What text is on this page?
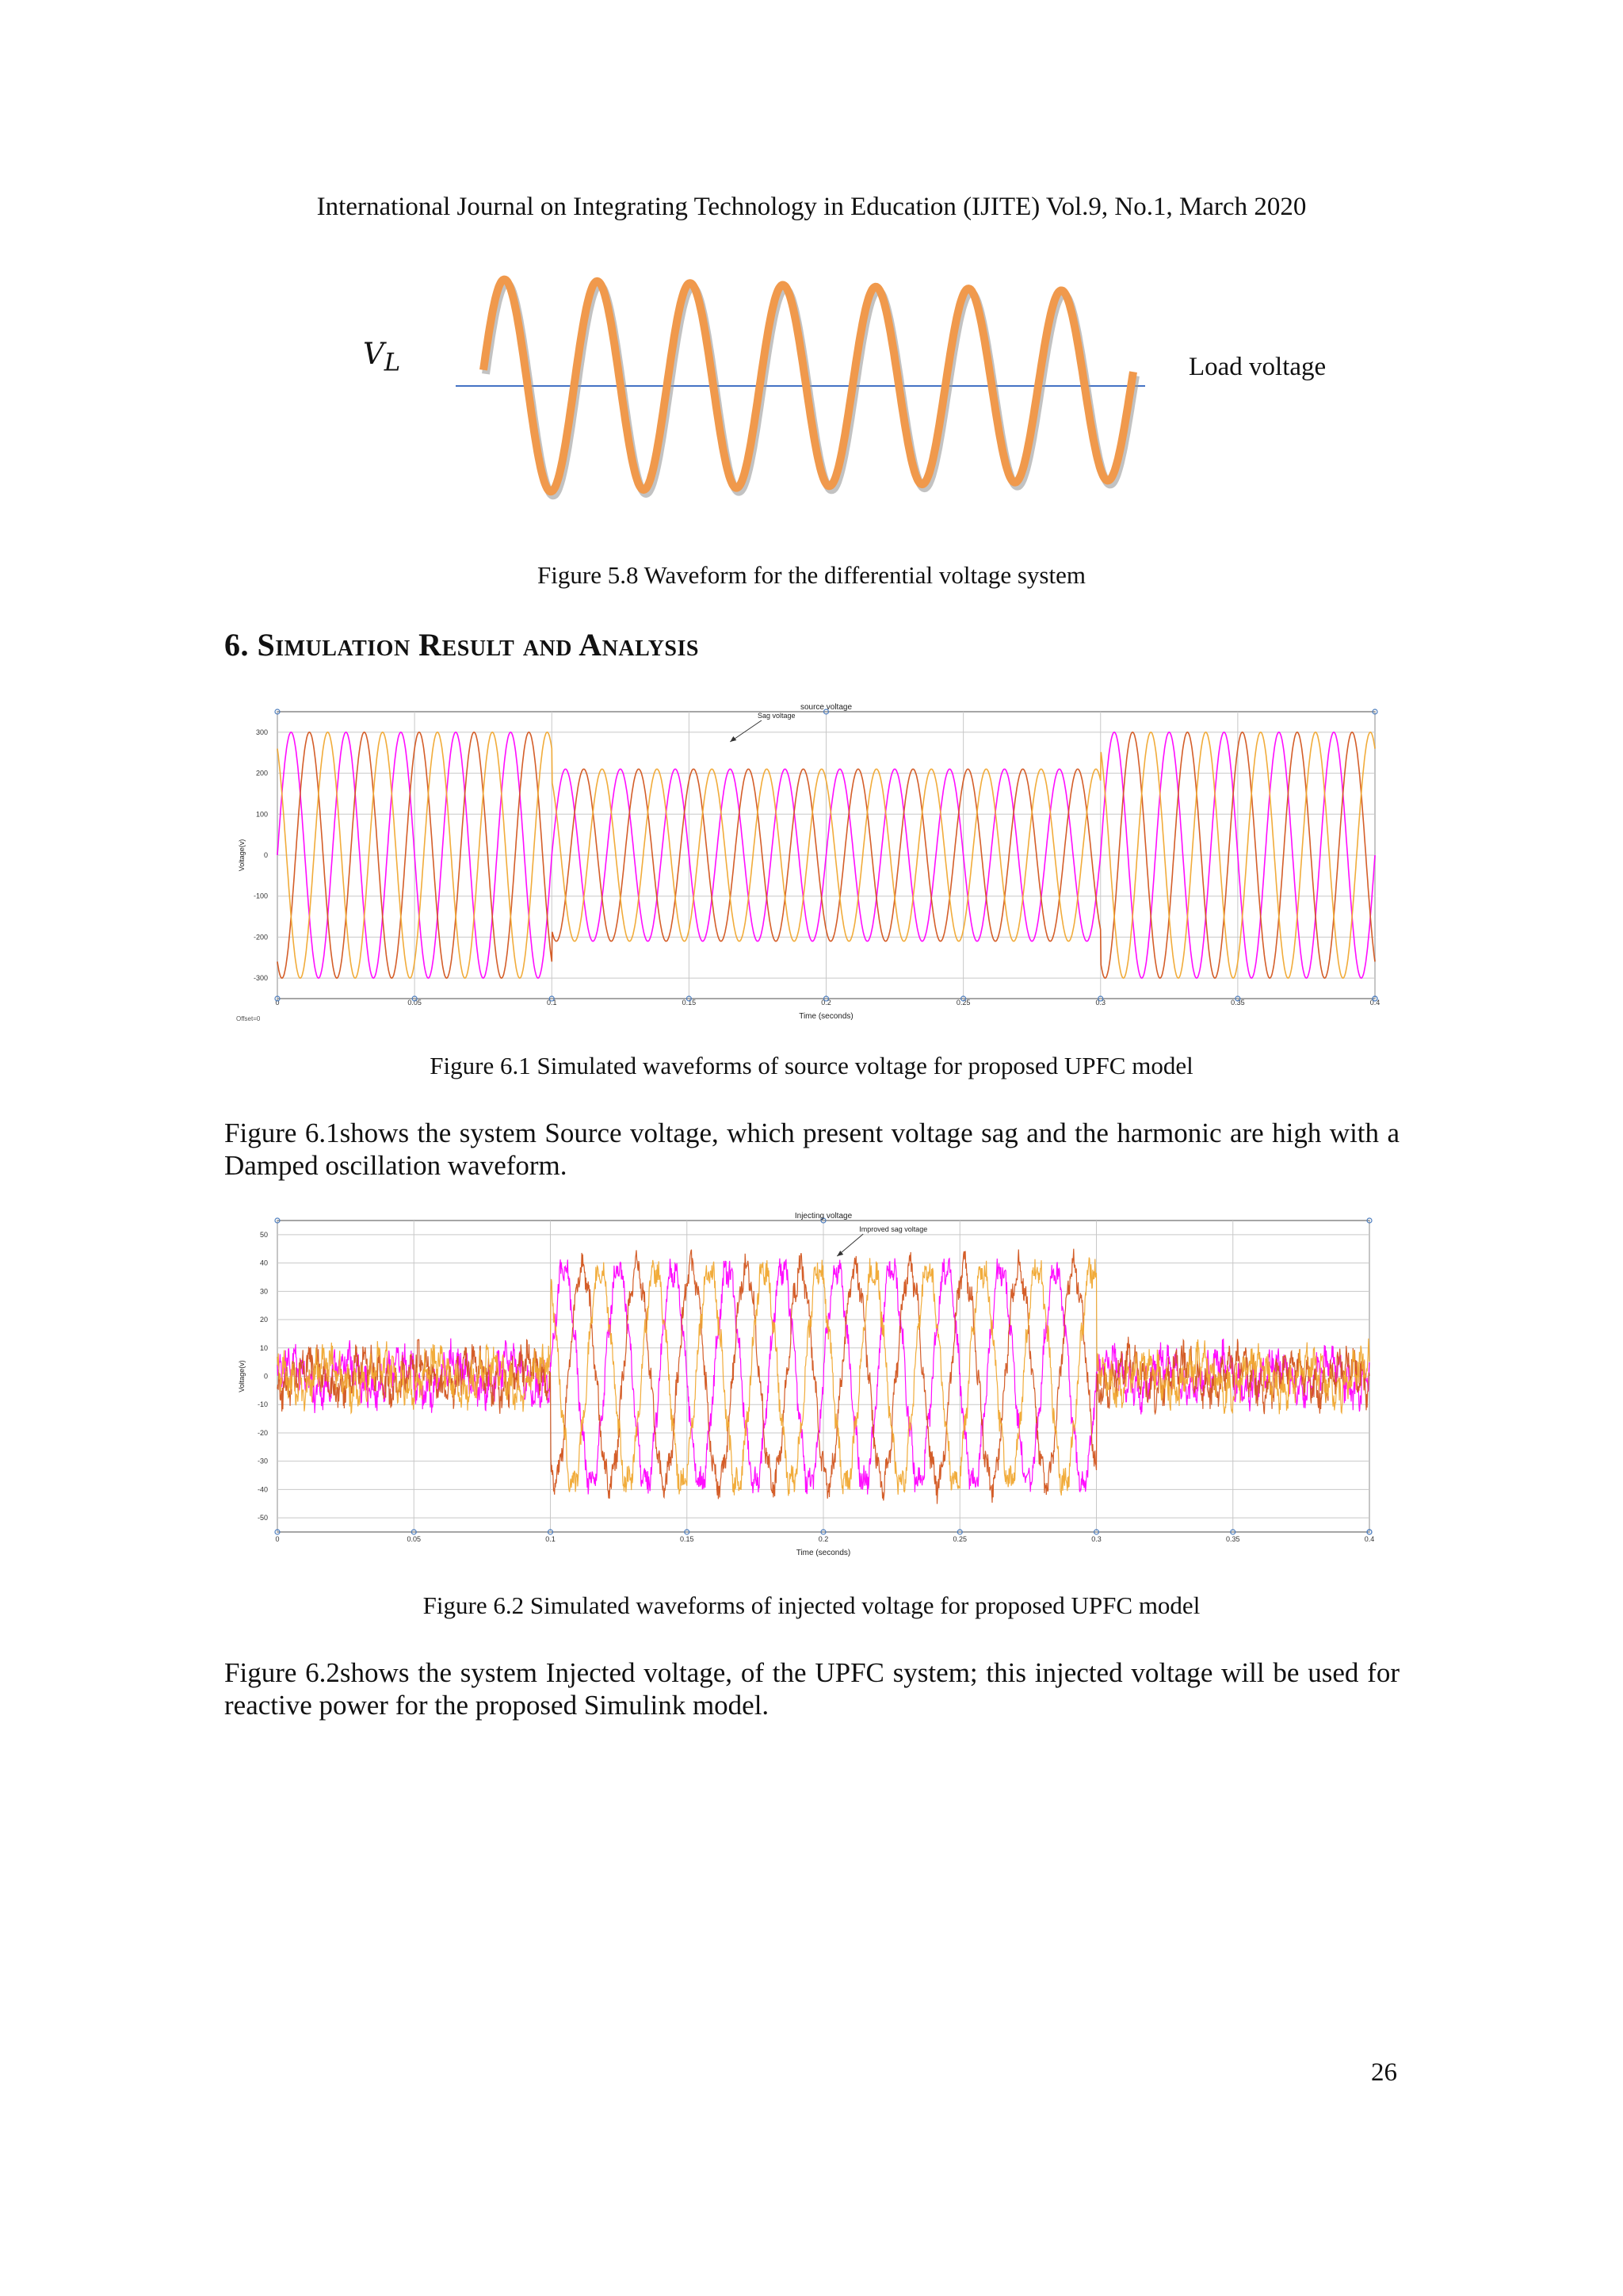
International Journal on Integrating Technology in Education (IJITE) Vol.9, No.1, March 2020
$V_L$	Load voltage
Figure 5.8 Waveform for the differential voltage system
6. Simulation Result and Analysis
0	0.05	0.1	0.15	0.2	0.25	0.3	0.35	0.4
300
200
100
0
-100
-200
-300
source voltage
Time (seconds)
Voltage(v)
Offset=0
Sag voltage
Figure 6.1 Simulated waveforms of source voltage for proposed UPFC model
Figure 6.1shows the system Source voltage, which present voltage sag and the harmonic are high with a Damped oscillation waveform.
0	0.05	0.1	0.15	0.2	0.25	0.3	0.35	0.4
50
40
30
20
10
0
-10
-20
-30
-40
-50
Injecting voltage
Time (seconds)
Voltage(v)
Improved sag voltage
Figure 6.2 Simulated waveforms of injected voltage for proposed UPFC model
Figure 6.2shows the system Injected voltage, of the UPFC system; this injected voltage will be used for reactive power for the proposed Simulink model.
26
